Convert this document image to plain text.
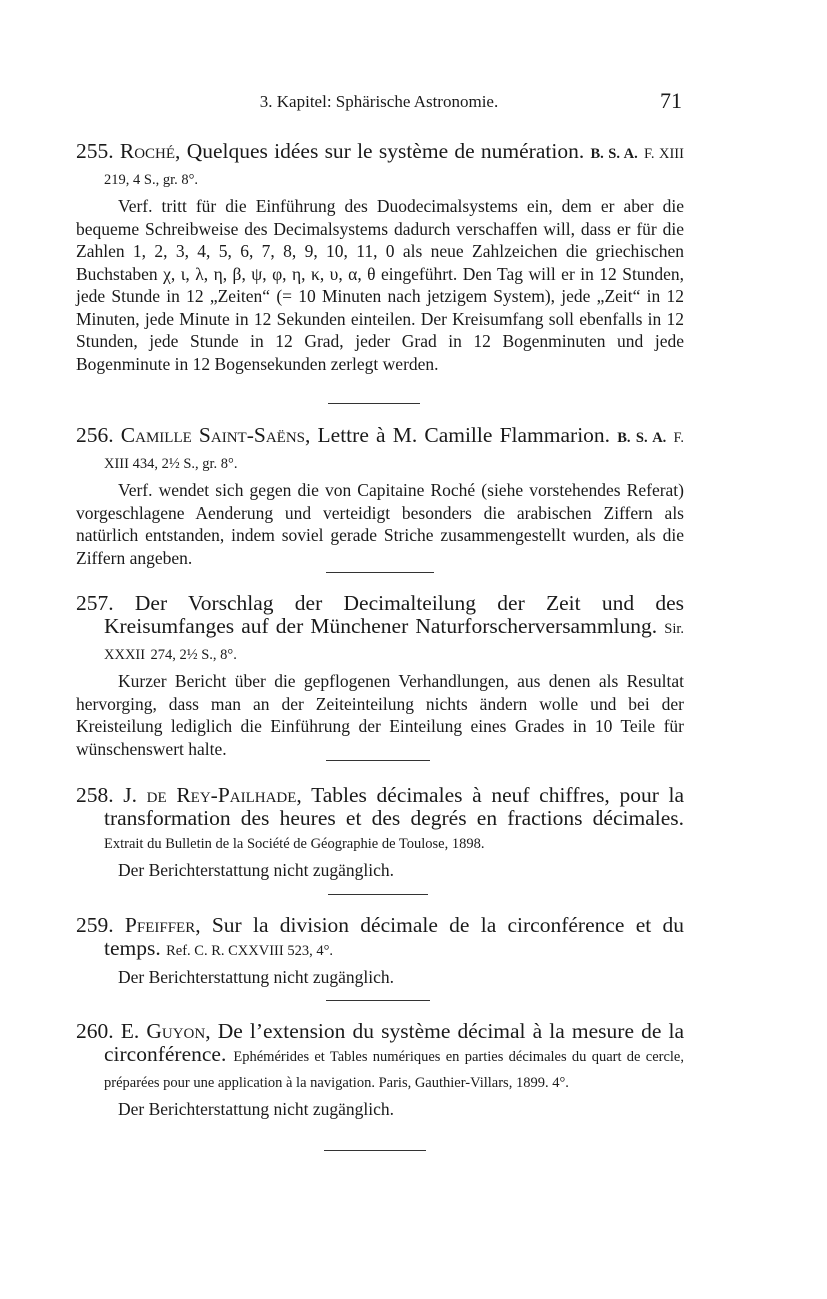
3. Kapitel: Sphärische Astronomie.	71
255. Roché, Quelques idées sur le système de numération. B. S. A. F. XIII 219, 4 S., gr. 8°.
Verf. tritt für die Einführung des Duodecimalsystems ein, dem er aber die bequeme Schreibweise des Decimalsystems dadurch verschaffen will, dass er für die Zahlen 1, 2, 3, 4, 5, 6, 7, 8, 9, 10, 11, 0 als neue Zahlzeichen die griechischen Buchstaben χ, ι, λ, η, β, ψ, φ, η, κ, υ, α, θ eingeführt. Den Tag will er in 12 Stunden, jede Stunde in 12 „Zeiten“ (= 10 Minuten nach jetzigem System), jede „Zeit“ in 12 Minuten, jede Minute in 12 Sekunden einteilen. Der Kreisumfang soll ebenfalls in 12 Stunden, jede Stunde in 12 Grad, jeder Grad in 12 Bogenminuten und jede Bogenminute in 12 Bogensekunden zerlegt werden.
256. Camille Saint-Saëns, Lettre à M. Camille Flammarion. B. S. A. F. XIII 434, 2½ S., gr. 8°.
Verf. wendet sich gegen die von Capitaine Roché (siehe vorstehendes Referat) vorgeschlagene Aenderung und verteidigt besonders die arabischen Ziffern als natürlich entstanden, indem soviel gerade Striche zusammengestellt wurden, als die Ziffern angeben.
257. Der Vorschlag der Decimalteilung der Zeit und des Kreisumfanges auf der Münchener Naturforscherversammlung. Sir. XXXII 274, 2½ S., 8°.
Kurzer Bericht über die gepflogenen Verhandlungen, aus denen als Resultat hervorging, dass man an der Zeiteinteilung nichts ändern wolle und bei der Kreisteilung lediglich die Einführung der Einteilung eines Grades in 10 Teile für wünschenswert halte.
258. J. de Rey-Pailhade, Tables décimales à neuf chiffres, pour la transformation des heures et des degrés en fractions décimales. Extrait du Bulletin de la Société de Géographie de Toulose, 1898.
Der Berichterstattung nicht zugänglich.
259. Pfeiffer, Sur la division décimale de la circonférence et du temps. Ref. C. R. CXXVIII 523, 4°.
Der Berichterstattung nicht zugänglich.
260. E. Guyon, De l’extension du système décimal à la mesure de la circonférence. Ephémérides et Tables numériques en parties décimales du quart de cercle, préparées pour une application à la navigation. Paris, Gauthier-Villars, 1899. 4°.
Der Berichterstattung nicht zugänglich.
